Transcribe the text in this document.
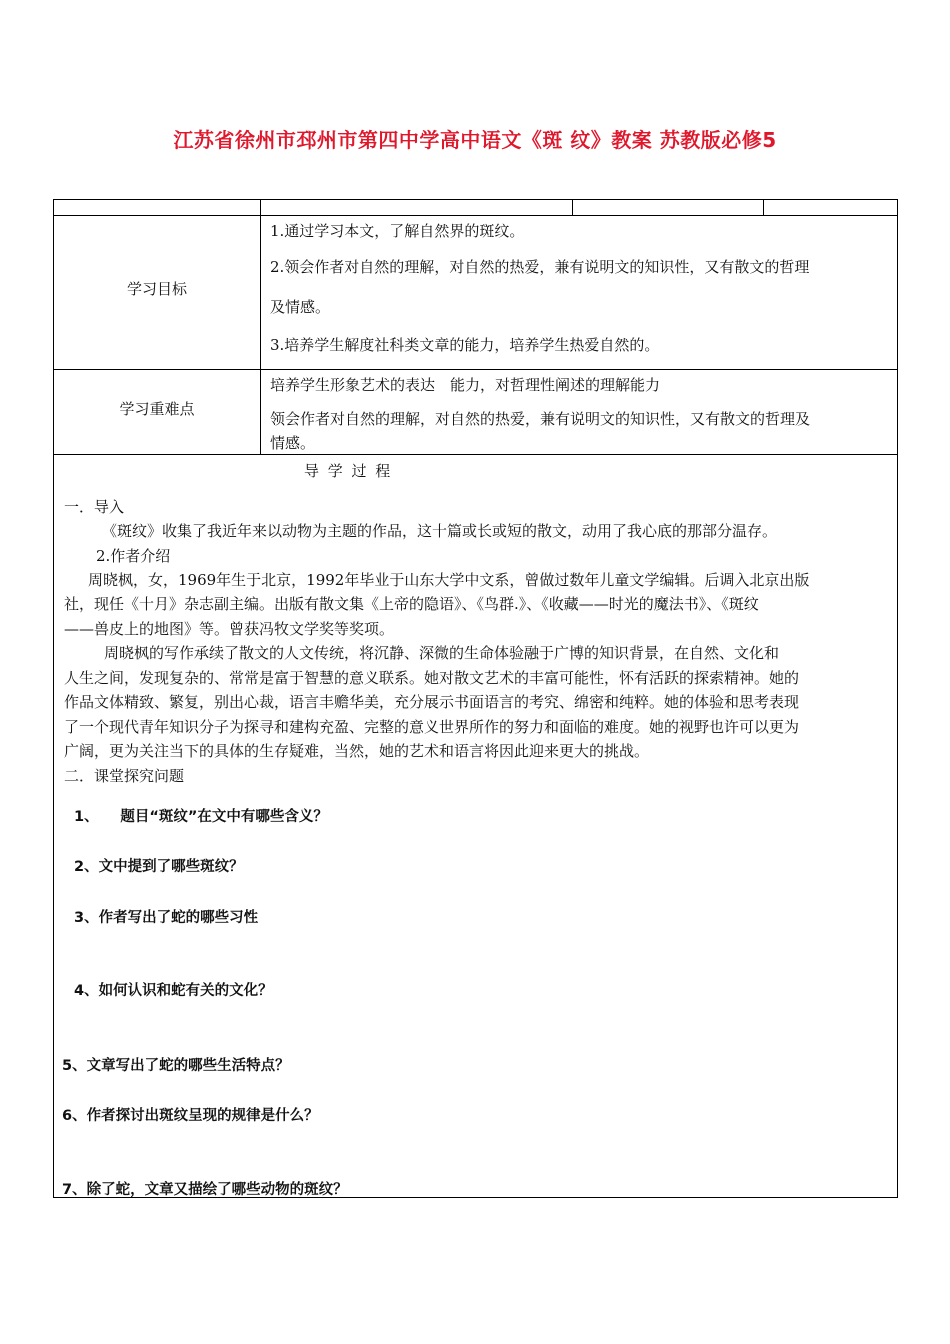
江苏省徐州市邳州市第四中学高中语文《斑 纹》教案 苏教版必修5
学习目标
1.通过学习本文，了解自然界的斑纹。
2.领会作者对自然的理解，对自然的热爱，兼有说明文的知识性，又有散文的哲理
及情感。
3.培养学生解度社科类文章的能力，培养学生热爱自然的。
学习重难点
培养学生形象艺术的表达　能力，对哲理性阐述的理解能力
领会作者对自然的理解，对自然的热爱，兼有说明文的知识性，又有散文的哲理及
情感。
导 学 过 程
一．导入
《斑纹》收集了我近年来以动物为主题的作品，这十篇或长或短的散文，动用了我心底的那部分温存。
2.作者介绍
周晓枫，女，1969年生于北京，1992年毕业于山东大学中文系，曾做过数年儿童文学编辑。后调入北京出版
社，现任《十月》杂志副主编。出版有散文集《上帝的隐语》、《鸟群.》、《收藏——时光的魔法书》、《斑纹
——兽皮上的地图》等。曾获冯牧文学奖等奖项。
周晓枫的写作承续了散文的人文传统，将沉静、深微的生命体验融于广博的知识背景，在自然、文化和
人生之间，发现复杂的、常常是富于智慧的意义联系。她对散文艺术的丰富可能性，怀有活跃的探索精神。她的
作品文体精致、繁复，别出心裁，语言丰赡华美，充分展示书面语言的考究、绵密和纯粹。她的体验和思考表现
了一个现代青年知识分子为探寻和建构充盈、完整的意义世界所作的努力和面临的难度。她的视野也许可以更为
广阔，更为关注当下的具体的生存疑难，当然，她的艺术和语言将因此迎来更大的挑战。
二．课堂探究问题
1、　　题目“斑纹”在文中有哪些含义？
2、文中提到了哪些斑纹？
3、作者写出了蛇的哪些习性
4、如何认识和蛇有关的文化？
5、文章写出了蛇的哪些生活特点？
6、作者探讨出斑纹呈现的规律是什么？
7、除了蛇，文章又描绘了哪些动物的斑纹？
